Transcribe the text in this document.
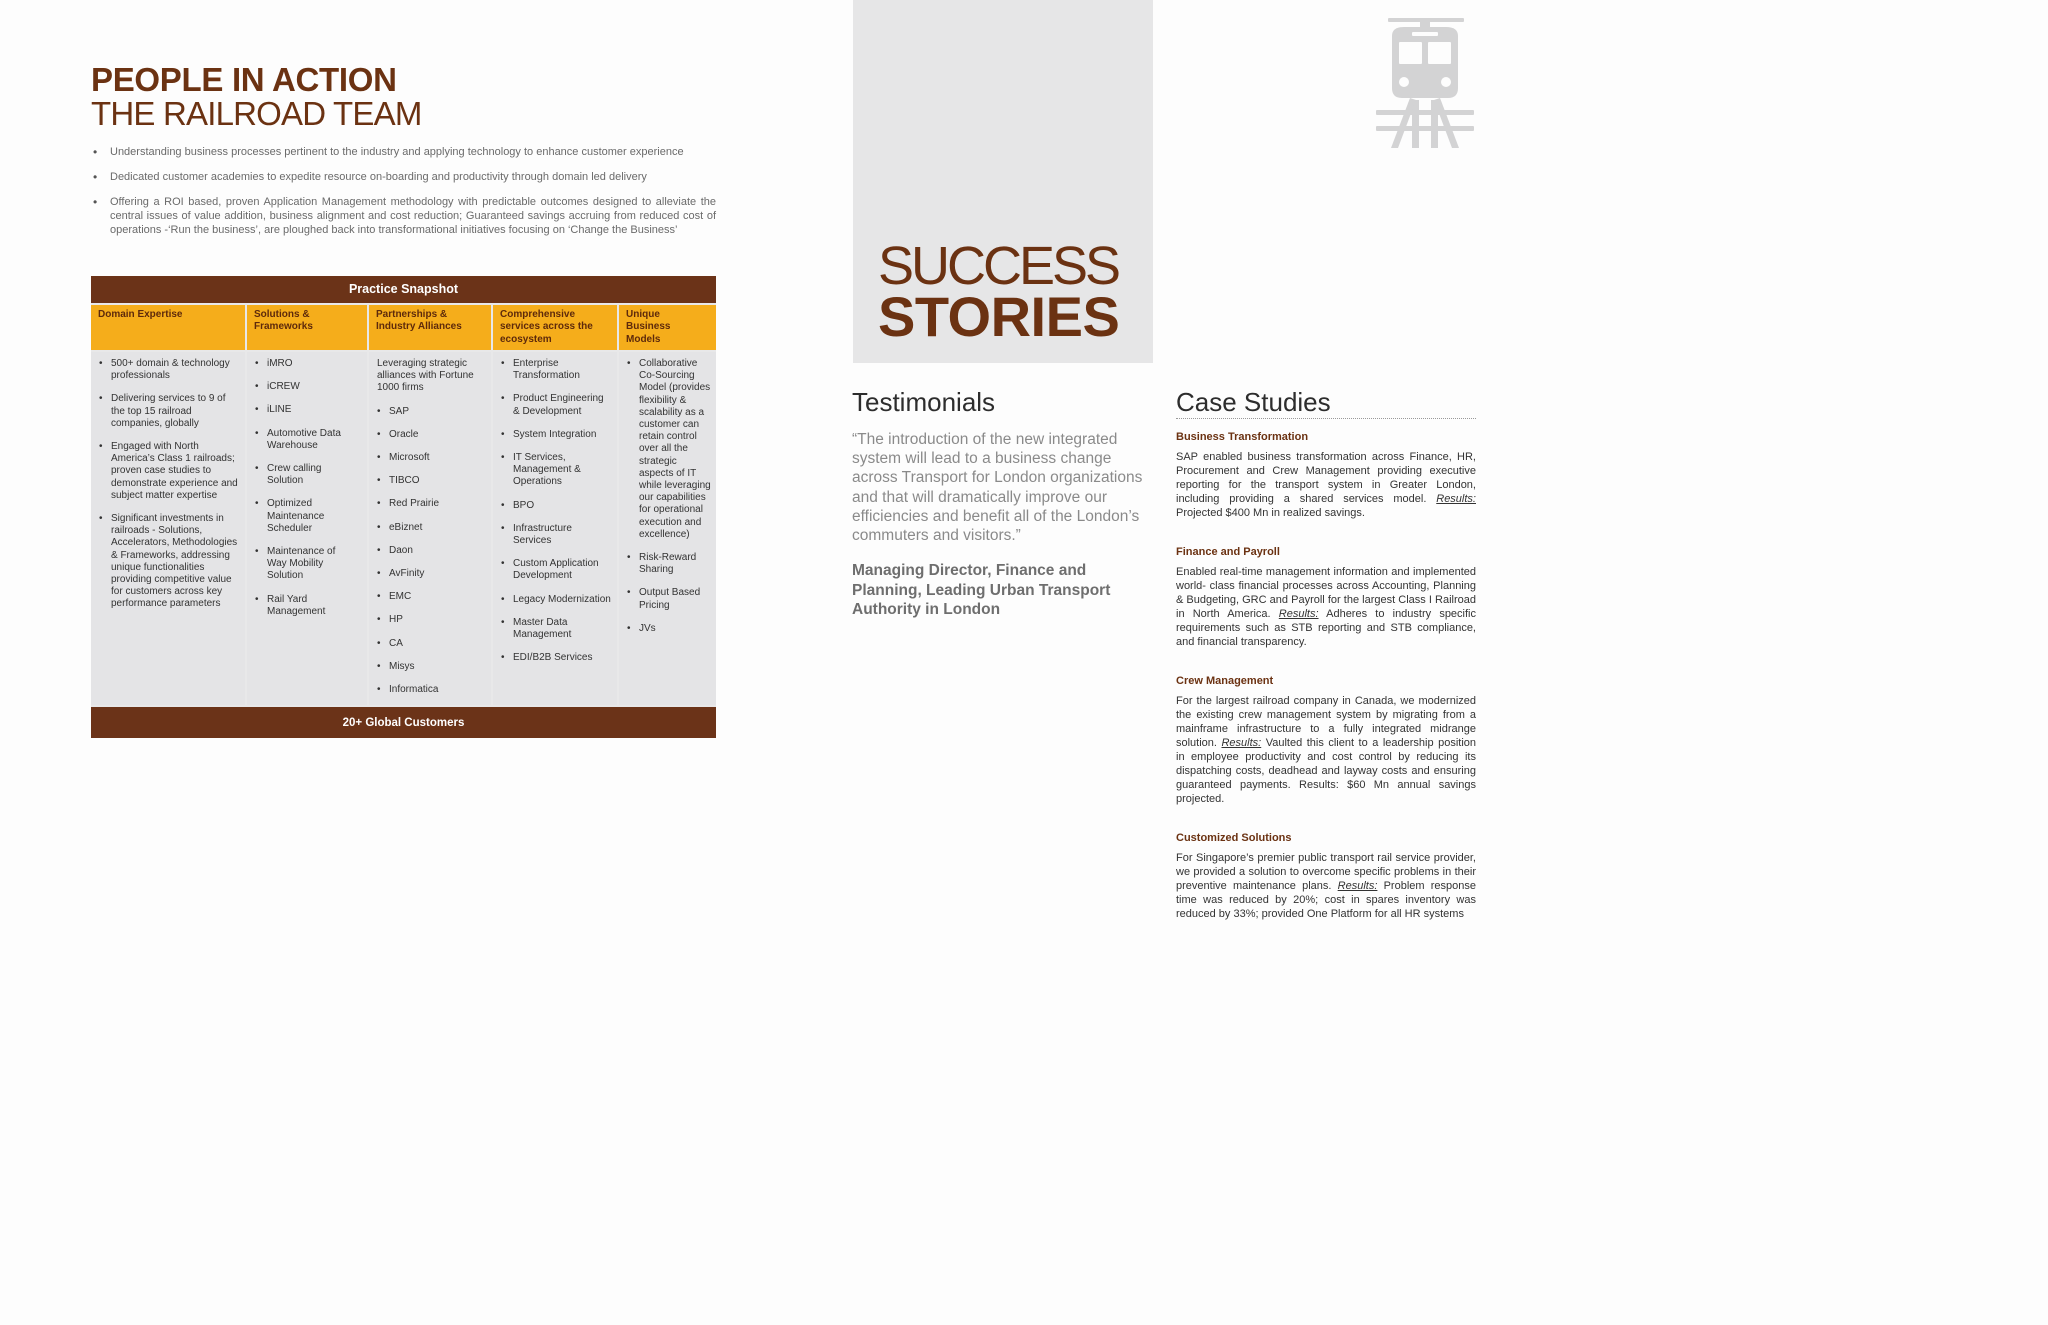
PEOPLE IN ACTION
THE RAILROAD TEAM
• Understanding business processes pertinent to the industry and applying technology to enhance customer experience
• Dedicated customer academies to expedite resource on-boarding and productivity through domain led delivery
• Offering a ROI based, proven Application Management methodology with predictable outcomes designed to alleviate the central issues of value addition, business alignment and cost reduction; Guaranteed savings accruing from reduced cost of operations -‘Run the business’, are ploughed back into transformational initiatives focusing on ‘Change the Business’
Practice Snapshot
Domain Expertise	Solutions & Frameworks
Partnerships & Industry Alliances
Comprehensive services across the ecosystem
Unique Business Models
• 500+ domain & technology professionals
• Delivering services to 9 of the top 15 railroad companies, globally
• Engaged with North America’s Class 1 railroads; proven case studies to demonstrate experience and subject matter expertise
• Significant investments in railroads - Solutions, Accelerators, Methodologies & Frameworks, addressing unique functionalities providing competitive value for customers across key performance parameters
• iMRO
• iCREW
• iLINE
• Automotive Data Warehouse
• Crew calling Solution
• Optimized Maintenance Scheduler
• Maintenance of Way Mobility Solution
• Rail Yard Management
Leveraging strategic alliances with Fortune 1000 firms
• SAP
• Oracle
• Microsoft
• TIBCO
• Red Prairie
• eBiznet
• Daon
• AvFinity
• EMC
• HP
• CA
• Misys
• Informatica
• Enterprise Transformation
• Product Engineering & Development
• System Integration
• IT Services, Management & Operations
• BPO
• Infrastructure Services
• Custom Application Development
• Legacy Modernization
• Master Data Management
• EDI/B2B Services
• Collaborative Co-Sourcing Model (provides flexibility & scalability as a customer can retain control over all the strategic aspects of IT while leveraging our capabilities for operational execution and excellence)
• Risk-Reward Sharing
• Output Based Pricing
• JVs
20+ Global Customers
SUCCESS
STORIES
Testimonials
“The introduction of the new integrated system will lead to a business change across Transport for London organizations and that will dramatically improve our efficiencies and benefit all of the London’s commuters and visitors.”
Managing Director, Finance and Planning, Leading Urban Transport Authority in London
Case Studies
Business Transformation
SAP enabled business transformation across Finance, HR, Procurement and Crew Management providing executive reporting for the transport system in Greater London, including providing a shared services model. Results: Projected $400 Mn in realized savings.
Finance and Payroll
Enabled real-time management information and implemented world- class financial processes across Accounting, Planning & Budgeting, GRC and Payroll for the largest Class I Railroad in North America. Results: Adheres to industry specific requirements such as STB reporting and STB compliance, and financial transparency.
Crew Management
For the largest railroad company in Canada, we modernized the existing crew management system by migrating from a mainframe infrastructure to a fully integrated midrange solution. Results: Vaulted this client to a leadership position in employee productivity and cost control by reducing its dispatching costs, deadhead and layway costs and ensuring guaranteed payments. Results: $60 Mn annual savings projected.
Customized Solutions
For Singapore’s premier public transport rail service provider, we provided a solution to overcome specific problems in their preventive maintenance plans. Results: Problem response time was reduced by 20%; cost in spares inventory was reduced by 33%; provided One Platform for all HR systems
